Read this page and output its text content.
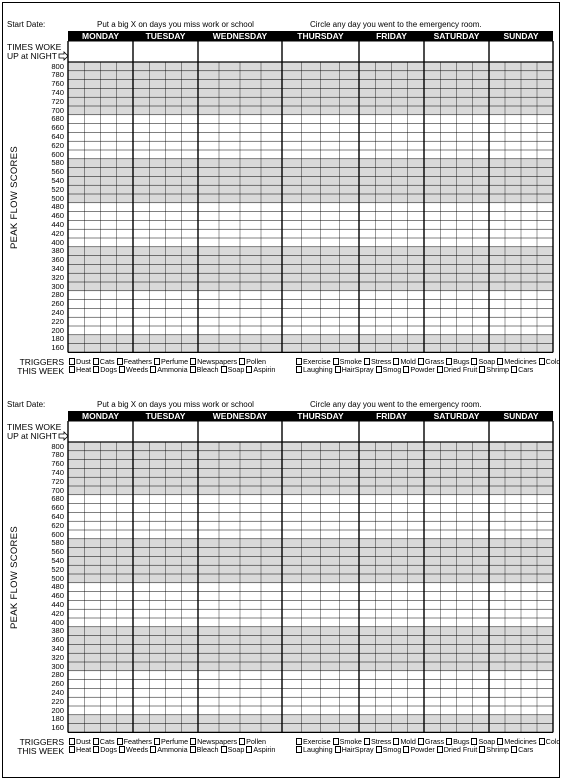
Start Date:	Put a big X on days you miss work or school	Circle any day you went to the emergency room.
MONDAY	TUESDAY	WEDNESDAY	THURSDAY	FRIDAY	SATURDAY	SUNDAY
TIMES WOKE
UP at NIGHT
800
780
760
740
720
700
680
660
640
620
600
580
560
540
520
500
480
460
440
420
400
380
360
340
320
300
280
260
240
220
200
180
160
PEAK FLOW SCORES
TRIGGERS
THIS WEEK
Dust Cats Feathers Perfume Newspapers Pollen
Heat Dogs Weeds Ammonia Bleach Soap Aspirin
Exercise Smoke Stress Mold Grass Bugs Soap Medicines Cold
Laughing HairSpray Smog Powder Dried Fruit Shrimp Cars
Start Date:	Put a big X on days you miss work or school	Circle any day you went to the emergency room.
MONDAY	TUESDAY	WEDNESDAY	THURSDAY	FRIDAY	SATURDAY	SUNDAY
TIMES WOKE
UP at NIGHT
800
780
760
740
720
700
680
660
640
620
600
580
560
540
520
500
480
460
440
420
400
380
360
340
320
300
280
260
240
220
200
180
160
PEAK FLOW SCORES
TRIGGERS
THIS WEEK
Dust Cats Feathers Perfume Newspapers Pollen
Heat Dogs Weeds Ammonia Bleach Soap Aspirin
Exercise Smoke Stress Mold Grass Bugs Soap Medicines Cold
Laughing HairSpray Smog Powder Dried Fruit Shrimp Cars
